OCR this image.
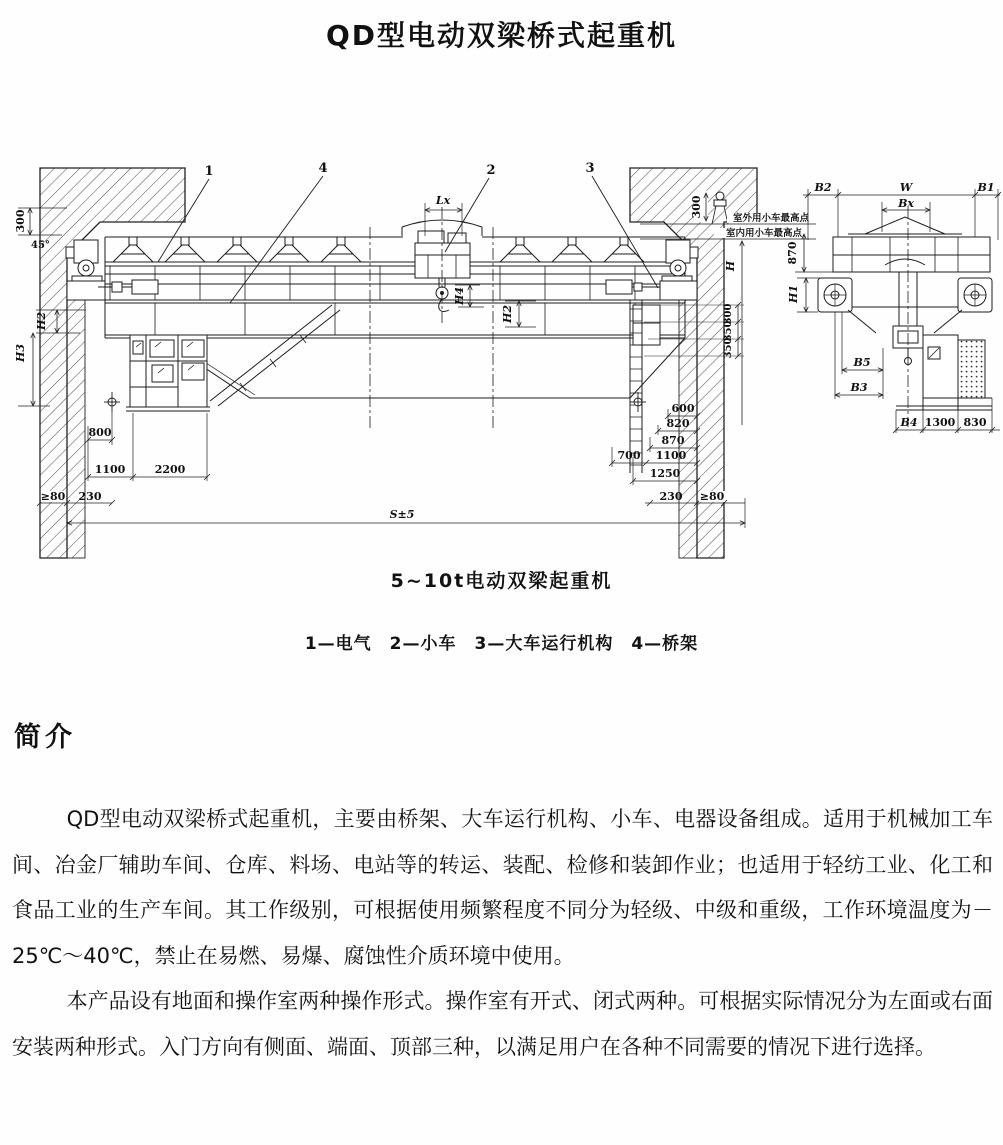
QD型电动双梁桥式起重机
室外用小车最高点
室内用小车最高点
1	4	2	3
300
45°
H2
H3
800
1100	2200
≥80 230
S±5
Lx
H4
H2
300
H
300
350
350
600
820
870
700 1100
1250
230 ≥80
B2	W	B1
Bx
870
H1
B5
B3
B4 1300 830
5~10t电动双梁起重机
1—电气　2—小车　3—大车运行机构　4—桥架
简介

QD型电动双梁桥式起重机，主要由桥架、大车运行机构、小车、电器设备组成。适用于机械加工车间、冶金厂辅助车间、仓库、料场、电站等的转运、装配、检修和装卸作业；也适用于轻纺工业、化工和食品工业的生产车间。其工作级别，可根据使用频繁程度不同分为轻级、中级和重级，工作环境温度为－25℃～40℃，禁止在易燃、易爆、腐蚀性介质环境中使用。

本产品设有地面和操作室两种操作形式。操作室有开式、闭式两种。可根据实际情况分为左面或右面安装两种形式。入门方向有侧面、端面、顶部三种，以满足用户在各种不同需要的情况下进行选择。
